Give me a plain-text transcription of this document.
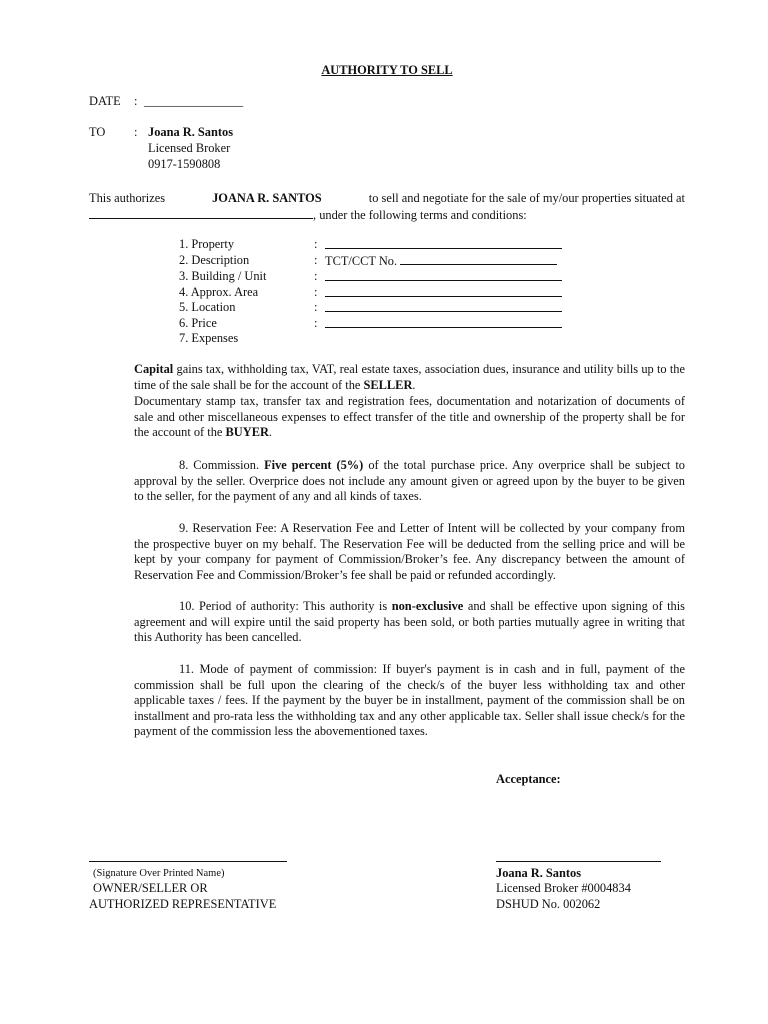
AUTHORITY TO SELL
DATE : ________________
TO : Joana R. Santos
Licensed Broker
0917-1590808
This authorizes	JOANA R. SANTOS	to sell and negotiate for the sale of my/our properties situated at
, under the following terms and conditions:
1. Property	:
2. Description	: TCT/CCT No.
3. Building / Unit	:
4. Approx. Area	:
5. Location	:
6. Price	:
7. Expenses
Capital gains tax, withholding tax, VAT, real estate taxes, association dues, insurance and utility bills up to the time of the sale shall be for the account of the SELLER.
Documentary stamp tax, transfer tax and registration fees, documentation and notarization of documents of sale and other miscellaneous expenses to effect transfer of the title and ownership of the property shall be for the account of the BUYER.
8. Commission. Five percent (5%) of the total purchase price. Any overprice shall be subject to approval by the seller. Overprice does not include any amount given or agreed upon by the buyer to be given to the seller, for the payment of any and all kinds of taxes.
9. Reservation Fee: A Reservation Fee and Letter of Intent will be collected by your company from the prospective buyer on my behalf. The Reservation Fee will be deducted from the selling price and will be kept by your company for payment of Commission/Broker’s fee. Any discrepancy between the amount of Reservation Fee and Commission/Broker’s fee shall be paid or refunded accordingly.
10. Period of authority: This authority is non-exclusive and shall be effective upon signing of this agreement and will expire until the said property has been sold, or both parties mutually agree in writing that this Authority has been cancelled.
11. Mode of payment of commission: If buyer's payment is in cash and in full, payment of the commission shall be full upon the clearing of the check/s of the buyer less withholding tax and other applicable taxes / fees. If the payment by the buyer be in installment, payment of the commission shall be on installment and pro-rata less the withholding tax and any other applicable tax. Seller shall issue check/s for the payment of the commission less the abovementioned taxes.
Acceptance:
(Signature Over Printed Name)
OWNER/SELLER OR
AUTHORIZED REPRESENTATIVE
Joana R. Santos
Licensed Broker #0004834
DSHUD No. 002062
